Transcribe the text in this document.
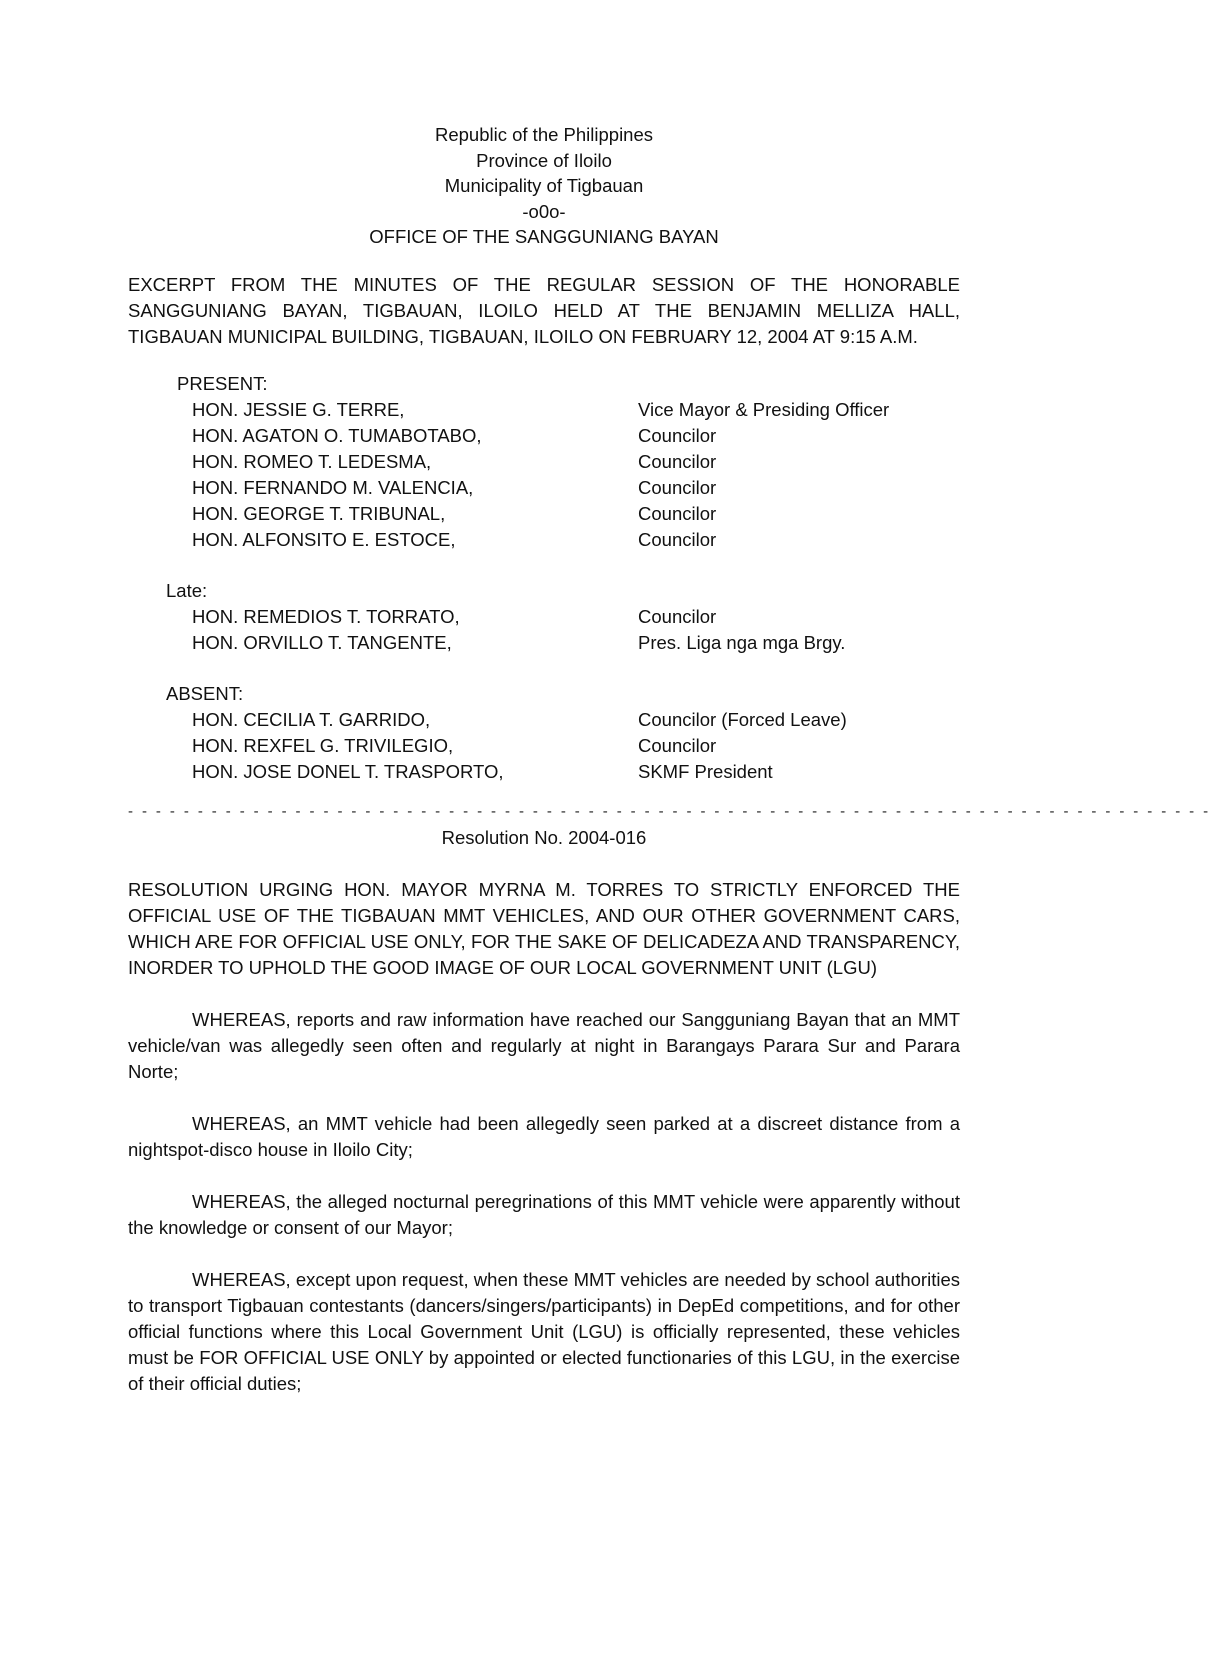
Republic of the Philippines
Province of Iloilo
Municipality of Tigbauan
-o0o-
OFFICE OF THE SANGGUNIANG BAYAN
EXCERPT FROM THE MINUTES OF THE REGULAR SESSION OF THE HONORABLE SANGGUNIANG BAYAN, TIGBAUAN, ILOILO HELD AT THE BENJAMIN MELLIZA HALL, TIGBAUAN MUNICIPAL BUILDING, TIGBAUAN, ILOILO ON FEBRUARY 12, 2004 AT 9:15 A.M.
PRESENT:
HON. JESSIE G. TERRE,	Vice Mayor & Presiding Officer
HON. AGATON O. TUMABOTABO,	Councilor
HON. ROMEO T. LEDESMA,	Councilor
HON. FERNANDO M. VALENCIA,	Councilor
HON. GEORGE T. TRIBUNAL,	Councilor
HON. ALFONSITO E. ESTOCE,	Councilor
Late:
HON. REMEDIOS T. TORRATO,	Councilor
HON. ORVILLO T. TANGENTE,	Pres. Liga nga mga Brgy.
ABSENT:
HON. CECILIA T. GARRIDO,	Councilor (Forced Leave)
HON. REXFEL G. TRIVILEGIO,	Councilor
HON. JOSE DONEL T. TRASPORTO,	SKMF President
- - - - - - - - - - - - - - - - - - - - - - - - - - - - - - - - - - - - - - - - - - - - - - - - - - - - - - - - - - - - - - - - - - - - - - - - - - - - - -
Resolution No. 2004-016
RESOLUTION URGING HON. MAYOR MYRNA M. TORRES TO STRICTLY ENFORCED THE OFFICIAL USE OF THE TIGBAUAN MMT VEHICLES, AND OUR OTHER GOVERNMENT CARS, WHICH ARE FOR OFFICIAL USE ONLY, FOR THE SAKE OF DELICADEZA AND TRANSPARENCY, INORDER TO UPHOLD THE GOOD IMAGE OF OUR LOCAL GOVERNMENT UNIT (LGU)
WHEREAS, reports and raw information have reached our Sangguniang Bayan that an MMT vehicle/van was allegedly seen often and regularly at night in Barangays Parara Sur and Parara Norte;
WHEREAS, an MMT vehicle had been allegedly seen parked at a discreet distance from a nightspot-disco house in Iloilo City;
WHEREAS, the alleged nocturnal peregrinations of this MMT vehicle were apparently without the knowledge or consent of our Mayor;
WHEREAS, except upon request, when these MMT vehicles are needed by school authorities to transport Tigbauan contestants (dancers/singers/participants) in DepEd competitions, and for other official functions where this Local Government Unit (LGU) is officially represented, these vehicles must be FOR OFFICIAL USE ONLY by appointed or elected functionaries of this LGU, in the exercise of their official duties;
